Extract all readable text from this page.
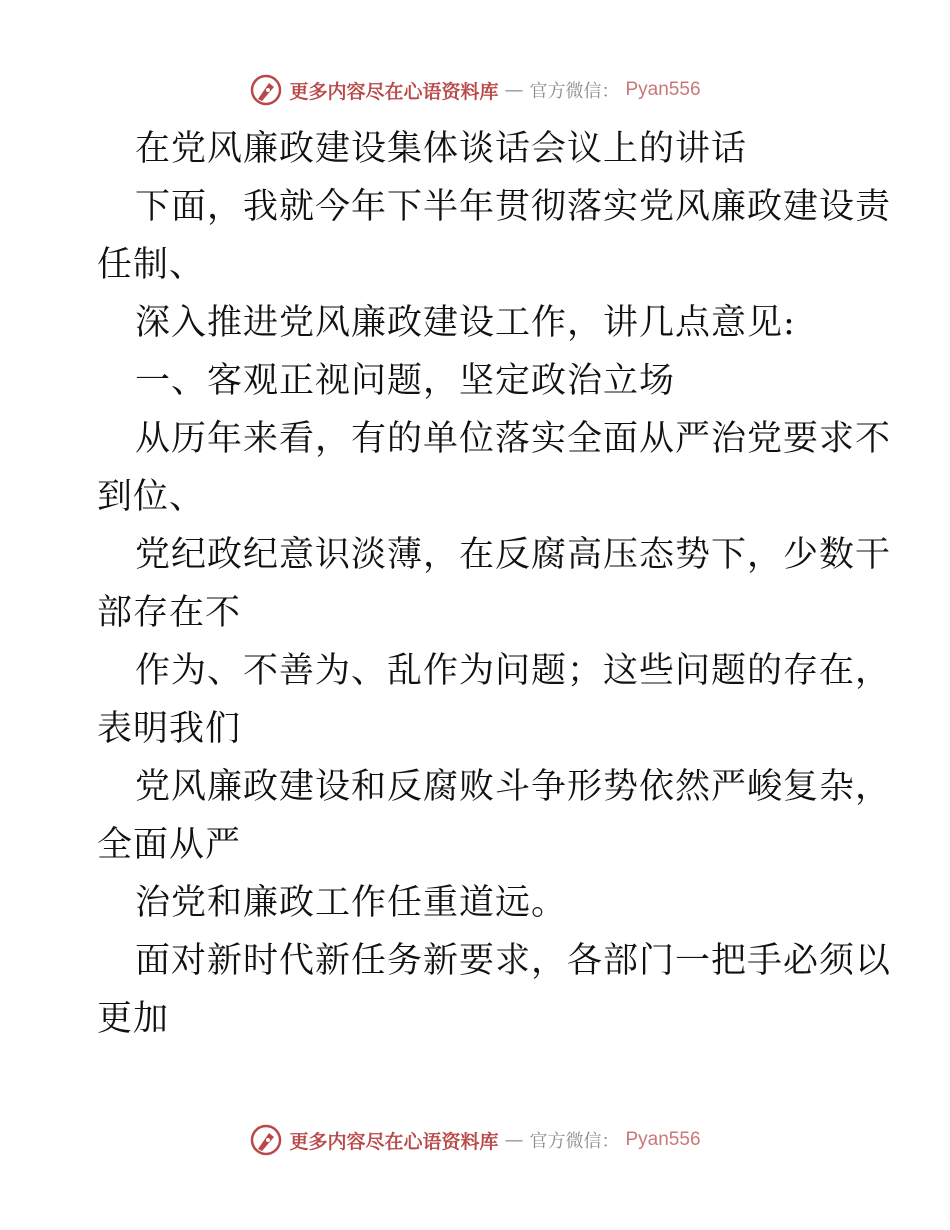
更多内容尽在心语资料库 — 官方微信： Pyan556

在党风廉政建设集体谈话会议上的讲话

下面，我就今年下半年贯彻落实党风廉政建设责
任制、

深入推进党风廉政建设工作，讲几点意见:

一、客观正视问题，坚定政治立场

从历年来看，有的单位落实全面从严治党要求不
到位、

党纪政纪意识淡薄，在反腐高压态势下，少数干
部存在不

作为、不善为、乱作为问题；这些问题的存在，
表明我们

党风廉政建设和反腐败斗争形势依然严峻复杂，
全面从严

治党和廉政工作任重道远。

面对新时代新任务新要求，各部门一把手必须以
更加

更多内容尽在心语资料库 — 官方微信： Pyan556
